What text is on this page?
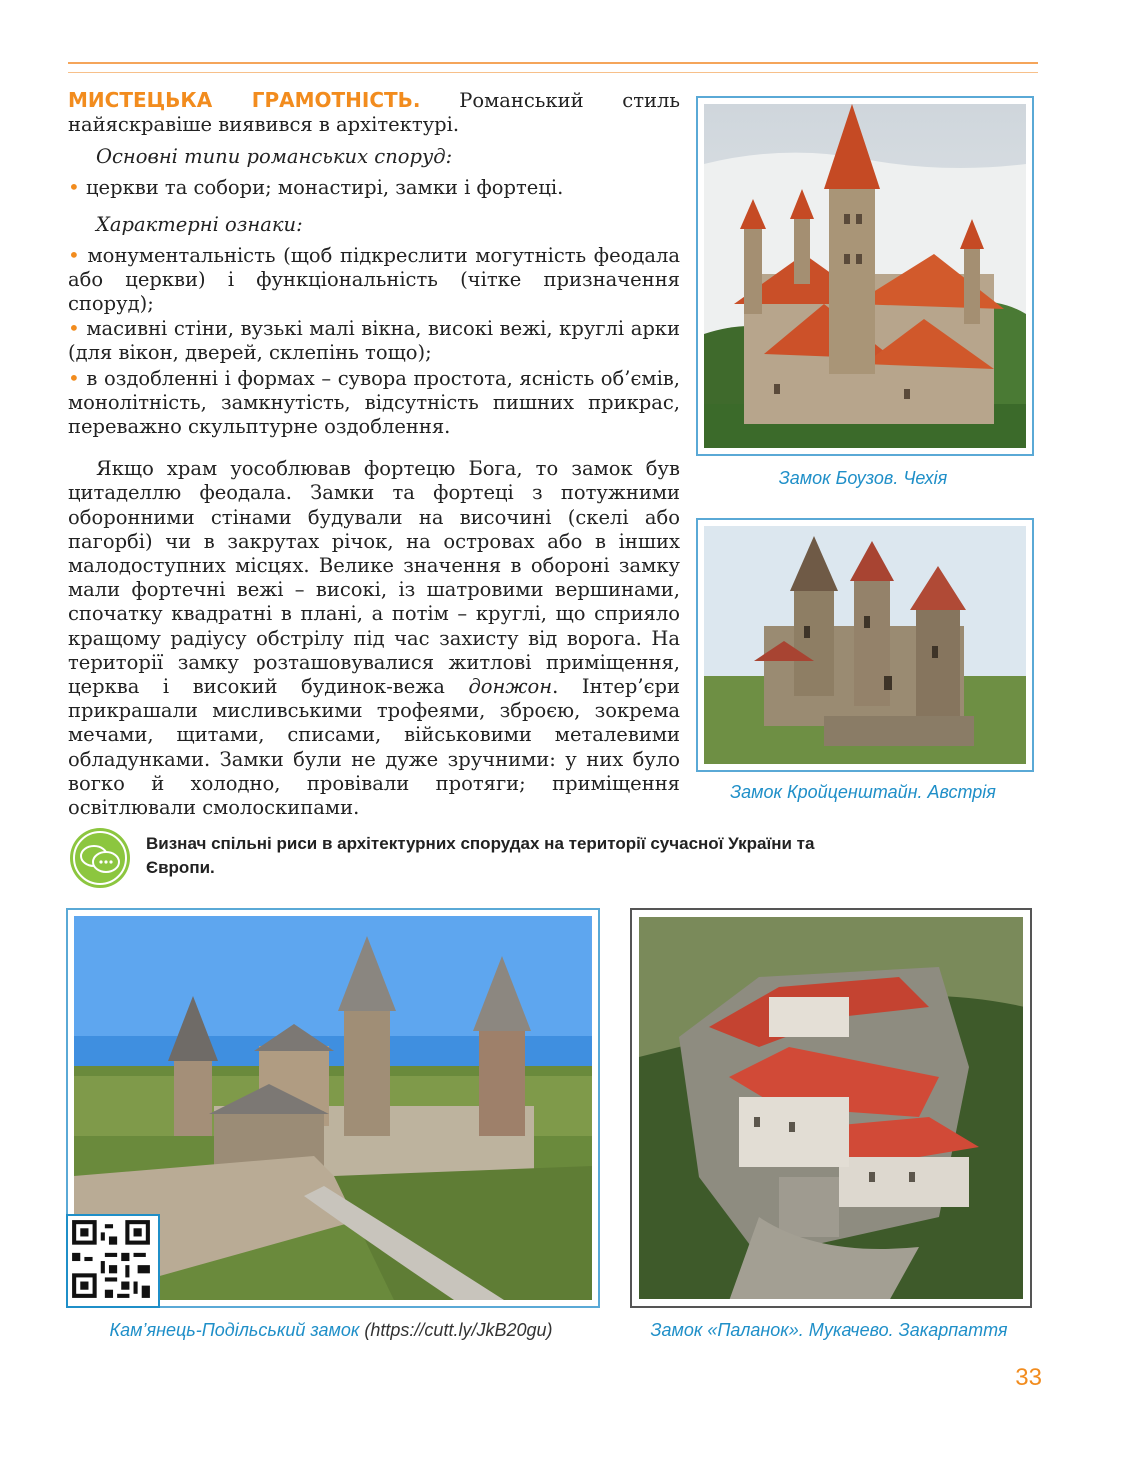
МИСТЕЦЬКА ГРАМОТНІСТЬ. Романський стиль найяскравіше виявився в архітектурі.

Основні типи романських споруд:

• церкви та собори; монастирі, замки і фортеці.

Характерні ознаки:

• монументальність (щоб підкреслити могутність феодала або церкви) і функціональність (чітке призначення споруд);

• масивні стіни, вузькі малі вікна, високі вежі, круглі арки (для вікон, дверей, склепінь тощо);

• в оздобленні і формах – сувора простота, ясність об’ємів, монолітність, замкнутість, відсутність пишних прикрас, переважно скульптурне оздоблення.

Якщо храм уособлював фортецю Бога, то замок був цитаделлю феодала. Замки та фортеці з потужними оборонними стінами будували на височині (скелі або пагорбі) чи в закрутах річок, на островах або в інших малодоступних місцях. Велике значення в обороні замку мали фортечні вежі – високі, із шатровими вершинами, спочатку квадратні в плані, а потім – круглі, що сприяло кращому радіусу обстрілу під час захисту від ворога. На території замку розташовувалися житлові приміщення, церква і високий будинок-вежа донжон. Інтер’єри прикрашали мисливськими трофеями, зброєю, зокрема мечами, щитами, списами, військовими металевими обладунками. Замки були не дуже зручними: у них було вогко й холодно, провівали протяги; приміщення освітлювали смолоскипами.

Замок Боузов. Чехія
Замок Кройценштайн. Австрія
Визнач спільні риси в архітектурних спорудах на території сучасної України та Європи.
Кам’янець-Подільський замок (https://cutt.ly/JkB20gu)	Замок «Паланок». Мукачево. Закарпаття
33
